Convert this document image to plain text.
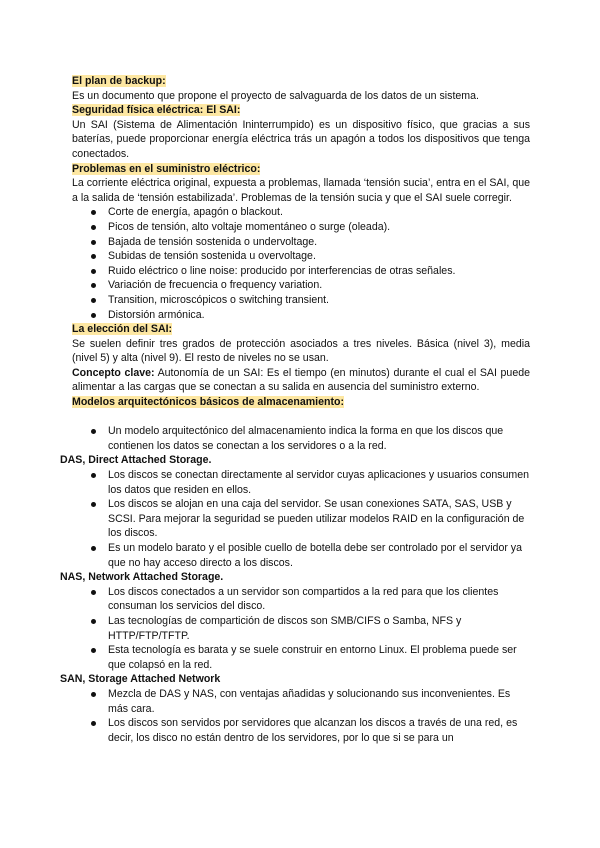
El plan de backup:

Es un documento que propone el proyecto de salvaguarda de los datos de un sistema.

Seguridad física eléctrica: El SAI:

Un SAI (Sistema de Alimentación Ininterrumpido) es un dispositivo físico, que gracias a sus baterías, puede proporcionar energía eléctrica trás un apagón a todos los dispositivos que tenga conectados.

Problemas en el suministro eléctrico:

La corriente eléctrica original, expuesta a problemas, llamada ‘tensión sucia’, entra en el SAI, que a la salida de ‘tensión estabilizada’. Problemas de la tensión sucia y que el SAI suele corregir.

Corte de energía, apagón o blackout.
Picos de tensión, alto voltaje momentáneo o surge (oleada).
Bajada de tensión sostenida o undervoltage.
Subidas de tensión sostenida u overvoltage.
Ruido eléctrico o line noise: producido por interferencias de otras señales.
Variación de frecuencia o frequency variation.
Transition, microscópicos o switching transient.
Distorsión armónica.

La elección del SAI:

Se suelen definir tres grados de protección asociados a tres niveles. Básica (nivel 3), media (nivel 5) y alta (nivel 9). El resto de niveles no se usan.

Concepto clave: Autonomía de un SAI: Es el tiempo (en minutos) durante el cual el SAI puede alimentar a las cargas que se conectan a su salida en ausencia del suministro externo.

Modelos arquitectónicos básicos de almacenamiento:

Un modelo arquitectónico del almacenamiento indica la forma en que los discos que contienen los datos se conectan a los servidores o a la red.

DAS, Direct Attached Storage.

Los discos se conectan directamente al servidor cuyas aplicaciones y usuarios consumen los datos que residen en ellos.
Los discos se alojan en una caja del servidor. Se usan conexiones SATA, SAS, USB y SCSI. Para mejorar la seguridad se pueden utilizar modelos RAID en la configuración de los discos.
Es un modelo barato y el posible cuello de botella debe ser controlado por el servidor ya que no hay acceso directo a los discos.

NAS, Network Attached Storage.

Los discos conectados a un servidor son compartidos a la red para que los clientes consuman los servicios del disco.
Las tecnologías de compartición de discos son SMB/CIFS o Samba, NFS y HTTP/FTP/TFTP.
Esta tecnología es barata y se suele construir en entorno Linux. El problema puede ser que colapsó en la red.

SAN, Storage Attached Network

Mezcla de DAS y NAS, con ventajas añadidas y solucionando sus inconvenientes. Es más cara.
Los discos son servidos por servidores que alcanzan los discos a través de una red, es decir, los disco no están dentro de los servidores, por lo que si se para un
